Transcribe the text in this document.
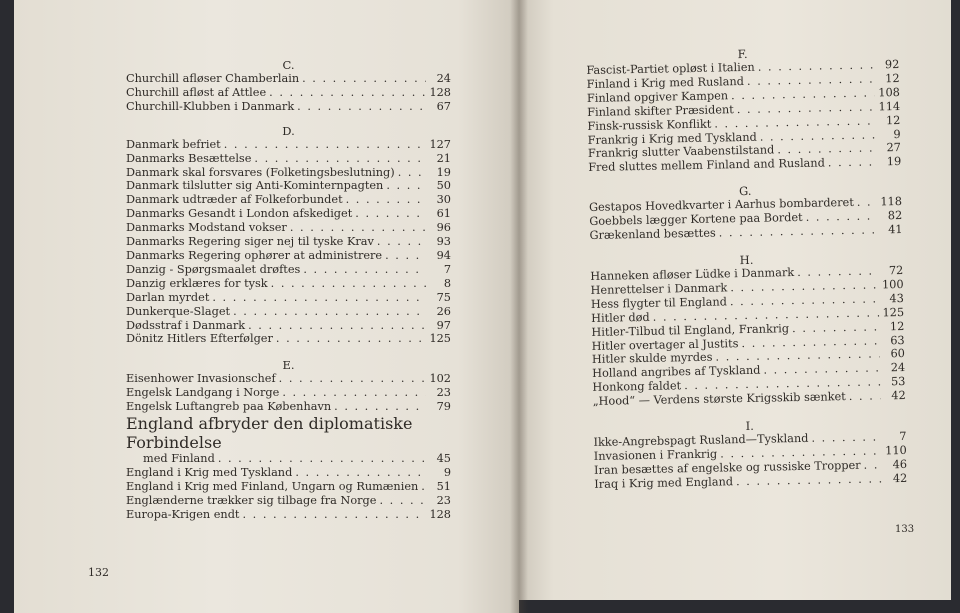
C.
Churchill afløser Chamberlain . . .	24
Churchill afløst af Attlee . . .	128
Churchill-Klubben i Danmark . . .	67
D.
Danmark befriet . . .	127
Danmarks Besættelse . . .	21
Danmark skal forsvares (Folketingsbeslutning) . . .	19
Danmark tilslutter sig Anti-Kominternpagten . . .	50
Danmark udtræder af Folkeforbundet . . .	30
Danmarks Gesandt i London afskediget . . .	61
Danmarks Modstand vokser . . .	96
Danmarks Regering siger nej til tyske Krav . . .	93
Danmarks Regering ophører at administrere . . .	94
Danzig - Spørgsmaalet drøftes . . .	7
Danzig erklæres for tysk . . .	8
Darlan myrdet . . .	75
Dunkerque-Slaget . . .	26
Dødsstraf i Danmark . . .	97
Dönitz Hitlers Efterfølger . . .	125
E.
Eisenhower Invasionschef . . .	102
Engelsk Landgang i Norge . . .	23
Engelsk Luftangreb paa København . . .	79
England afbryder den diplomatiske Forbindelse
med Finland . . .	45
England i Krig med Tyskland . . .	9
England i Krig med Finland, Ungarn og Rumænien . . .	51
Englænderne trækker sig tilbage fra Norge . . .	23
Europa-Krigen endt . . .	128
132
F.
Fascist-Partiet opløst i Italien . . .	92
Finland i Krig med Rusland . . .	12
Finland opgiver Kampen . . .	108
Finland skifter Præsident . . .	114
Finsk-russisk Konflikt . . .	12
Frankrig i Krig med Tyskland . . .	9
Frankrig slutter Vaabenstilstand . . .	27
Fred sluttes mellem Finland and Rusland . . .	19
G.
Gestapos Hovedkvarter i Aarhus bombarderet . . . 118
Goebbels lægger Kortene paa Bordet . . .	82
Grækenland besættes . . .	41
H.
Hanneken afløser Lüdke i Danmark . . .	72
Henrettelser i Danmark . . .	100
Hess flygter til England . . .	43
Hitler død . . .	125
Hitler-Tilbud til England, Frankrig . . .	12
Hitler overtager al Justits . . .	63
Hitler skulde myrdes . . .	60
Holland angribes af Tyskland . . .	24
Honkong faldet . . .	53
„Hood“ — Verdens største Krigsskib sænket . . .	42
I.
Ikke-Angrebspagt Rusland—Tyskland . . .	7
Invasionen i Frankrig . . .	110
Iran besættes af engelske og russiske Tropper . . .	46
Iraq i Krig med England . . .	42
133
